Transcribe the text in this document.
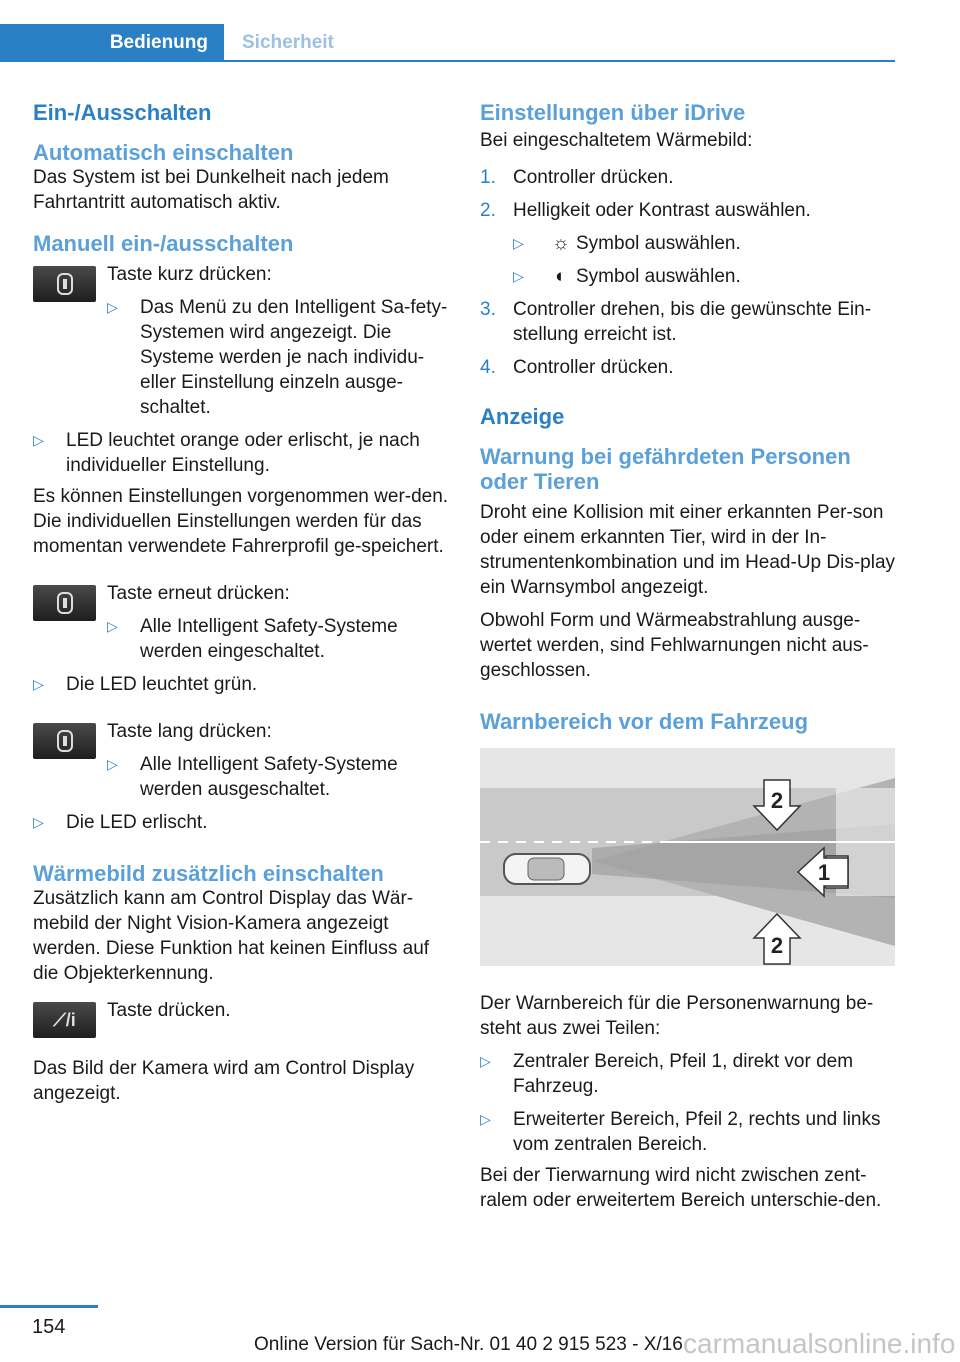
Bedienung	Sicherheit
Ein-/Ausschalten
Automatisch einschalten

Das System ist bei Dunkelheit nach jedem Fahrtantritt automatisch aktiv.

Manuell ein-/ausschalten

Taste kurz drücken:

▷ Das Menü zu den Intelligent Sa-fety-Systemen wird angezeigt. Die Systeme werden je nach individu-eller Einstellung einzeln ausge-schaltet.
▷ LED leuchtet orange oder erlischt, je nach individueller Einstellung.

Es können Einstellungen vorgenommen wer-den. Die individuellen Einstellungen werden für das momentan verwendete Fahrerprofil ge-speichert.

Taste erneut drücken:

▷ Alle Intelligent Safety-Systeme werden eingeschaltet.
▷ Die LED leuchtet grün.

Taste lang drücken:

▷ Alle Intelligent Safety-Systeme werden ausgeschaltet.
▷ Die LED erlischt.
Wärmebild zusätzlich einschalten

Zusätzlich kann am Control Display das Wär-mebild der Night Vision-Kamera angezeigt werden. Diese Funktion hat keinen Einfluss auf die Objekterkennung.

⟋/i	Taste drücken.

Das Bild der Kamera wird am Control Display angezeigt.

Einstellungen über iDrive

Bei eingeschaltetem Wärmebild:

1. Controller drücken.
2. Helligkeit oder Kontrast auswählen.
▷ ☼ Symbol auswählen.
▷ ◐ Symbol auswählen.
3. Controller drehen, bis die gewünschte Ein-stellung erreicht ist.
4. Controller drücken.
Anzeige
Warnung bei gefährdeten Personen oder Tieren

Droht eine Kollision mit einer erkannten Per-son oder einem erkannten Tier, wird in der In-strumentenkombination und im Head-Up Dis-play ein Warnsymbol angezeigt.

Obwohl Form und Wärmeabstrahlung ausge-wertet werden, sind Fehlwarnungen nicht aus-geschlossen.

Warnbereich vor dem Fahrzeug
2
1
2

Der Warnbereich für die Personenwarnung be-steht aus zwei Teilen:

▷ Zentraler Bereich, Pfeil 1, direkt vor dem Fahrzeug.
▷ Erweiterter Bereich, Pfeil 2, rechts und links vom zentralen Bereich.

Bei der Tierwarnung wird nicht zwischen zent-ralem oder erweitertem Bereich unterschie-den.

154
Online Version für Sach-Nr. 01 40 2 915 523 - X/16 carmanualsonline.info
